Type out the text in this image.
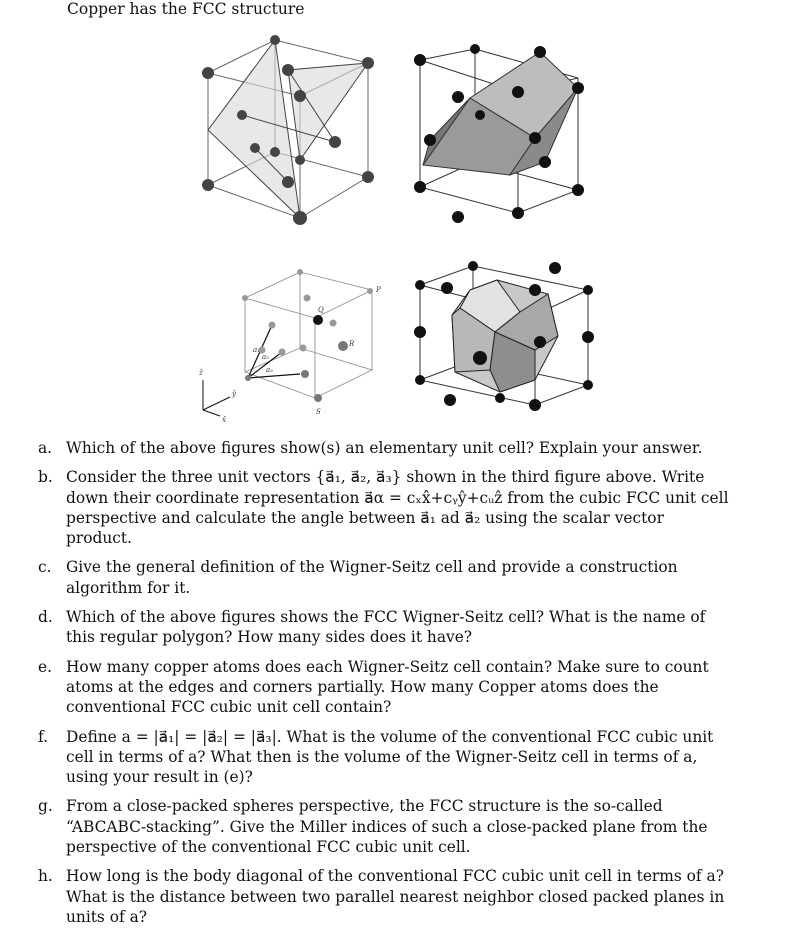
Copper has the FCC structure
Q
P
R
S
a₁
a₂
a₃
ẑ
ŷ
x̂
a. Which of the above figures show(s) an elementary unit cell? Explain your answer.
b. Consider the three unit vectors {a⃗₁, a⃗₂, a⃗₃} shown in the third figure above. Write down their coordinate representation a⃗α = cₓx̂+cᵧŷ+cᵤẑ from the cubic FCC unit cell perspective and calculate the angle between a⃗₁ ad a⃗₂ using the scalar vector product.
c. Give the general definition of the Wigner-Seitz cell and provide a construction algorithm for it.
d. Which of the above figures shows the FCC Wigner-Seitz cell? What is the name of this regular polygon? How many sides does it have?
e. How many copper atoms does each Wigner-Seitz cell contain? Make sure to count atoms at the edges and corners partially. How many Copper atoms does the conventional FCC cubic unit cell contain?
f. Define a = |a⃗₁| = |a⃗₂| = |a⃗₃|. What is the volume of the conventional FCC cubic unit cell in terms of a? What then is the volume of the Wigner-Seitz cell in terms of a, using your result in (e)?
g. From a close-packed spheres perspective, the FCC structure is the so-called “ABCABC-stacking”. Give the Miller indices of such a close-packed plane from the perspective of the conventional FCC cubic unit cell.
h. How long is the body diagonal of the conventional FCC cubic unit cell in terms of a? What is the distance between two parallel nearest neighbor closed packed planes in units of a?
